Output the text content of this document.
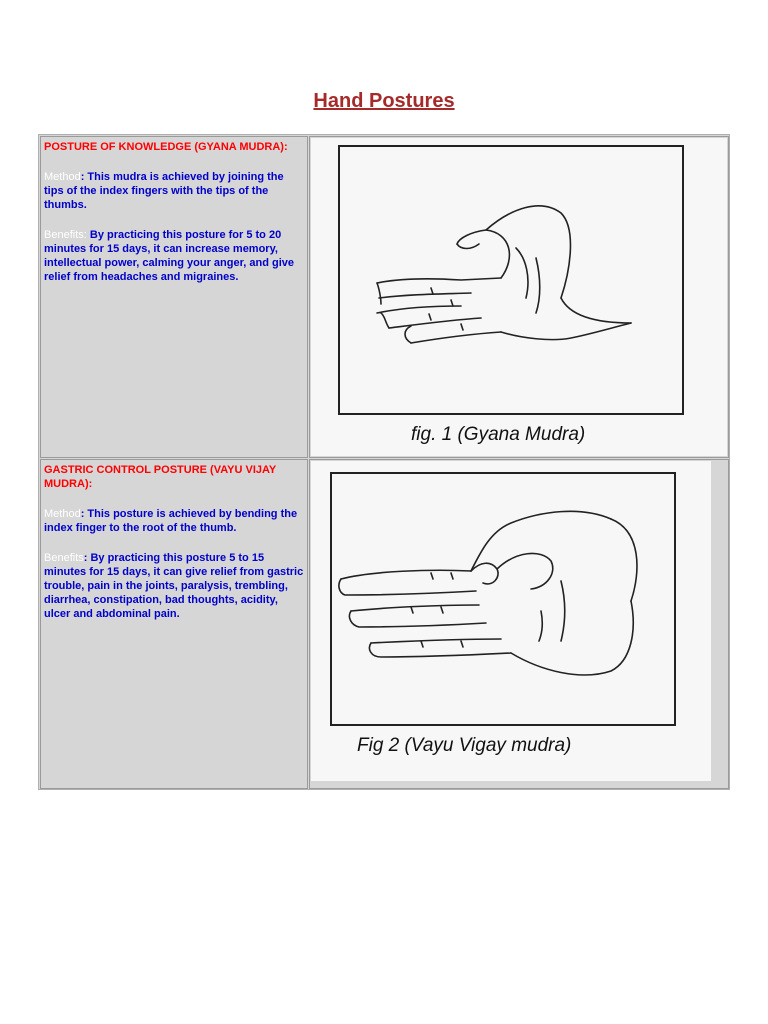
Hand Postures
POSTURE OF KNOWLEDGE (GYANA MUDRA):
Method: This mudra is achieved by joining the tips of the index fingers with the tips of the thumbs.
Benefits: By practicing this posture for 5 to 20 minutes for 15 days, it can increase memory, intellectual power, calming your anger, and give relief from headaches and migraines.
fig. 1 (Gyana Mudra)
GASTRIC CONTROL POSTURE (VAYU VIJAY MUDRA):
Method: This posture is achieved by bending the index finger to the root of the thumb.
Benefits: By practicing this posture 5 to 15 minutes for 15 days, it can give relief from gastric trouble, pain in the joints, paralysis, trembling, diarrhea, constipation, bad thoughts, acidity, ulcer and abdominal pain.
Fig 2 (Vayu Vigay mudra)
